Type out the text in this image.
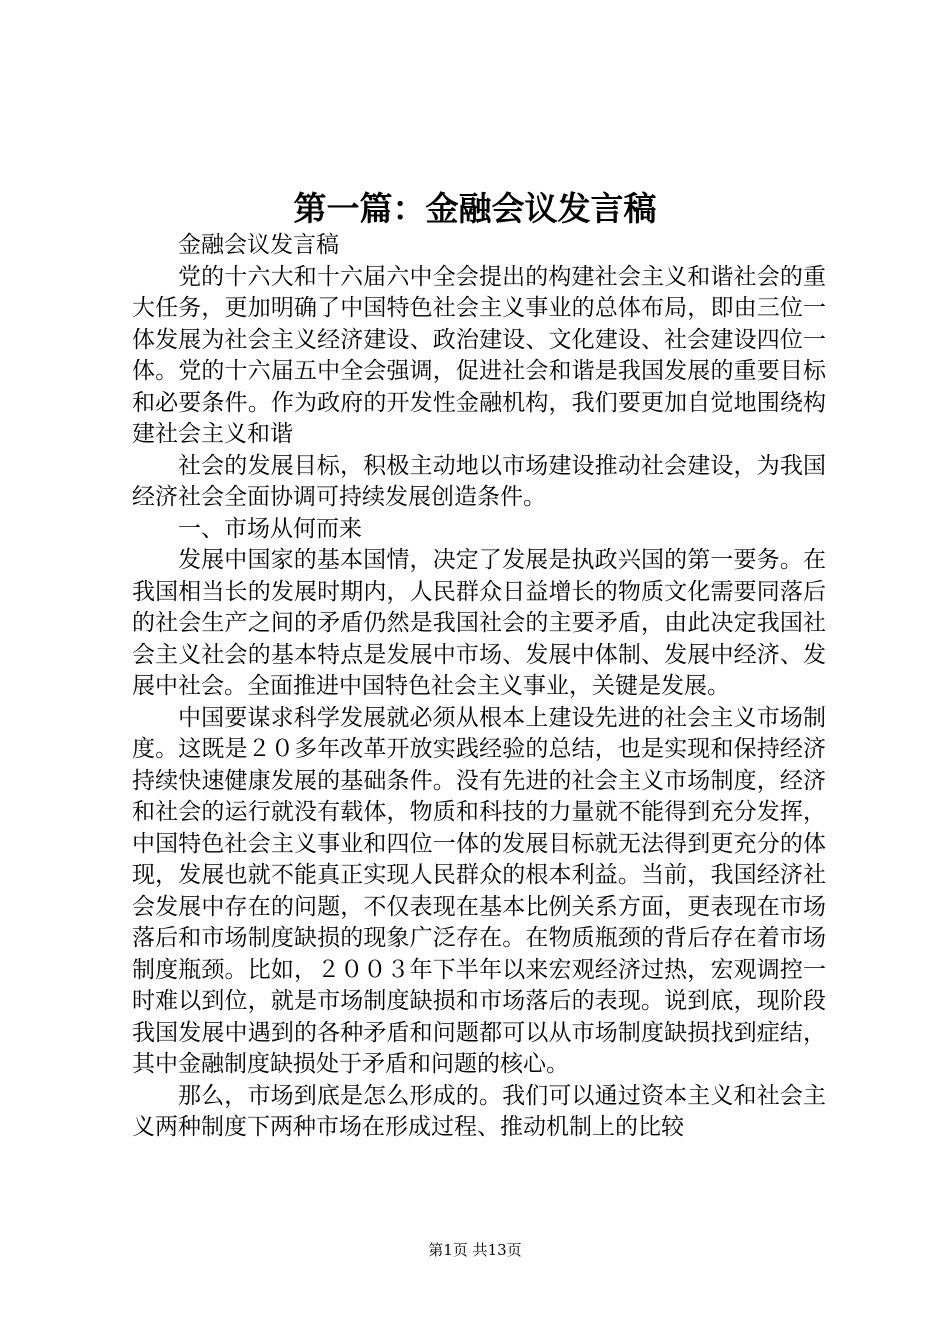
第一篇：金融会议发言稿

金融会议发言稿

党的十六大和十六届六中全会提出的构建社会主义和谐社会的重大任务，更加明确了中国特色社会主义事业的总体布局，即由三位一体发展为社会主义经济建设、政治建设、文化建设、社会建设四位一体。党的十六届五中全会强调，促进社会和谐是我国发展的重要目标和必要条件。作为政府的开发性金融机构，我们要更加自觉地围绕构建社会主义和谐

社会的发展目标，积极主动地以市场建设推动社会建设，为我国经济社会全面协调可持续发展创造条件。

一、市场从何而来

发展中国家的基本国情，决定了发展是执政兴国的第一要务。在我国相当长的发展时期内，人民群众日益增长的物质文化需要同落后的社会生产之间的矛盾仍然是我国社会的主要矛盾，由此决定我国社会主义社会的基本特点是发展中市场、发展中体制、发展中经济、发展中社会。全面推进中国特色社会主义事业，关键是发展。

中国要谋求科学发展就必须从根本上建设先进的社会主义市场制度。这既是２０多年改革开放实践经验的总结，也是实现和保持经济持续快速健康发展的基础条件。没有先进的社会主义市场制度，经济和社会的运行就没有载体，物质和科技的力量就不能得到充分发挥，中国特色社会主义事业和四位一体的发展目标就无法得到更充分的体现，发展也就不能真正实现人民群众的根本利益。当前，我国经济社会发展中存在的问题，不仅表现在基本比例关系方面，更表现在市场落后和市场制度缺损的现象广泛存在。在物质瓶颈的背后存在着市场制度瓶颈。比如，２００３年下半年以来宏观经济过热，宏观调控一时难以到位，就是市场制度缺损和市场落后的表现。说到底，现阶段我国发展中遇到的各种矛盾和问题都可以从市场制度缺损找到症结，其中金融制度缺损处于矛盾和问题的核心。

那么，市场到底是怎么形成的。我们可以通过资本主义和社会主义两种制度下两种市场在形成过程、推动机制上的比较

第1页 共13页
